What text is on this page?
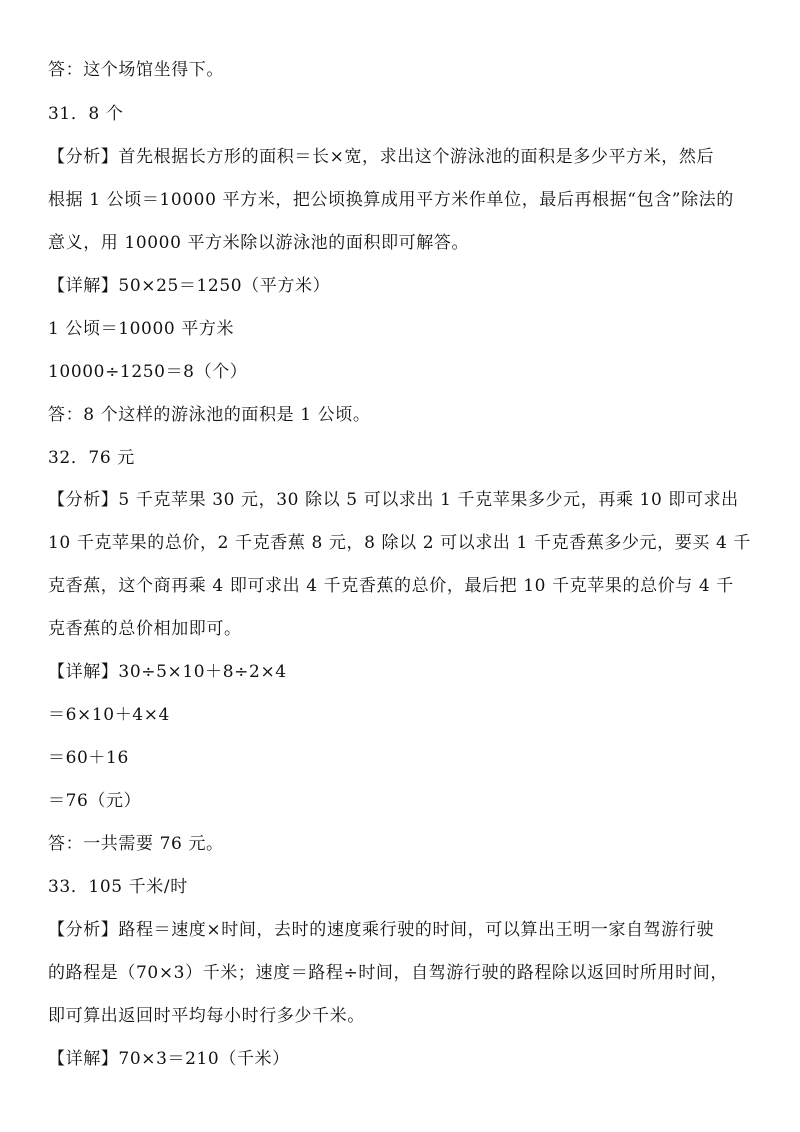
答：这个场馆坐得下。
31．8 个
【分析】首先根据长方形的面积＝长×宽，求出这个游泳池的面积是多少平方米，然后
根据 1 公顷＝10000 平方米，把公顷换算成用平方米作单位，最后再根据“包含”除法的
意义，用 10000 平方米除以游泳池的面积即可解答。
【详解】50×25＝1250（平方米）
1 公顷＝10000 平方米
10000÷1250＝8（个）
答：8 个这样的游泳池的面积是 1 公顷。
32．76 元
【分析】5 千克苹果 30 元，30 除以 5 可以求出 1 千克苹果多少元，再乘 10 即可求出
10 千克苹果的总价，2 千克香蕉 8 元，8 除以 2 可以求出 1 千克香蕉多少元，要买 4 千
克香蕉，这个商再乘 4 即可求出 4 千克香蕉的总价，最后把 10 千克苹果的总价与 4 千
克香蕉的总价相加即可。
【详解】30÷5×10＋8÷2×4
＝6×10＋4×4
＝60＋16
＝76（元）
答：一共需要 76 元。
33．105 千米/时
【分析】路程＝速度×时间，去时的速度乘行驶的时间，可以算出王明一家自驾游行驶
的路程是（70×3）千米；速度＝路程÷时间，自驾游行驶的路程除以返回时所用时间，
即可算出返回时平均每小时行多少千米。
【详解】70×3＝210（千米）
